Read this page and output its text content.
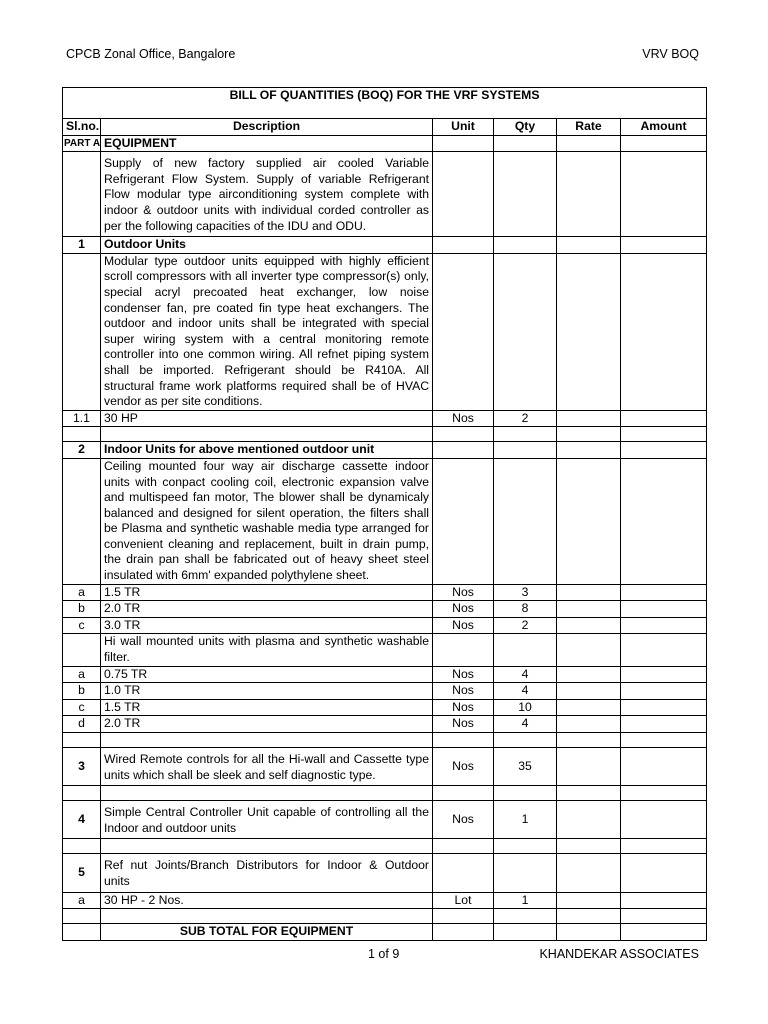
CPCB Zonal Office, Bangalore	VRV BOQ
BILL OF QUANTITIES (BOQ) FOR THE VRF SYSTEMS					
Sl.no.	Description	Unit	Qty	Rate	Amount
PART A	EQUIPMENT				
	Supply of new factory supplied air cooled Variable Refrigerant Flow System. Supply of variable Refrigerant Flow modular type airconditioning system complete with indoor & outdoor units with individual corded controller as per the following capacities of the IDU and ODU.				
1	Outdoor Units				
	Modular type outdoor units equipped with highly efficient scroll compressors with all inverter type compressor(s) only, special acryl precoated heat exchanger, low noise condenser fan, pre coated fin type heat exchangers. The outdoor and indoor units shall be integrated with special super wiring system with a central monitoring remote controller into one common wiring. All refnet piping system shall be imported. Refrigerant should be R410A. All structural frame work platforms required shall be of HVAC vendor as per site conditions.				
1.1	30 HP	Nos	2		

2	Indoor Units for above mentioned outdoor unit				
	Ceiling mounted four way air discharge cassette indoor units with conpact cooling coil, electronic expansion valve and multispeed fan motor, The blower shall be dynamicaly balanced and designed for silent operation, the filters shall be Plasma and synthetic washable media type arranged for convenient cleaning and replacement, built in drain pump, the drain pan shall be fabricated out of heavy sheet steel insulated with 6mm' expanded polythylene sheet.				
a	1.5 TR	Nos	3		
b	2.0 TR	Nos	8		
c	3.0 TR	Nos	2		
	Hi wall mounted units with plasma and synthetic washable filter.				
a	0.75 TR	Nos	4		
b	1.0 TR	Nos	4		
c	1.5 TR	Nos	10		
d	2.0 TR	Nos	4		

3	Wired Remote controls for all the Hi-wall and Cassette type units which shall be sleek and self diagnostic type.	Nos	35		

4	Simple Central Controller Unit capable of controlling all the Indoor and outdoor units	Nos	1		

5	Ref nut Joints/Branch Distributors for Indoor & Outdoor units				
a	30 HP - 2 Nos.	Lot	1		

	SUB TOTAL FOR EQUIPMENT				
1 of 9	KHANDEKAR ASSOCIATES
